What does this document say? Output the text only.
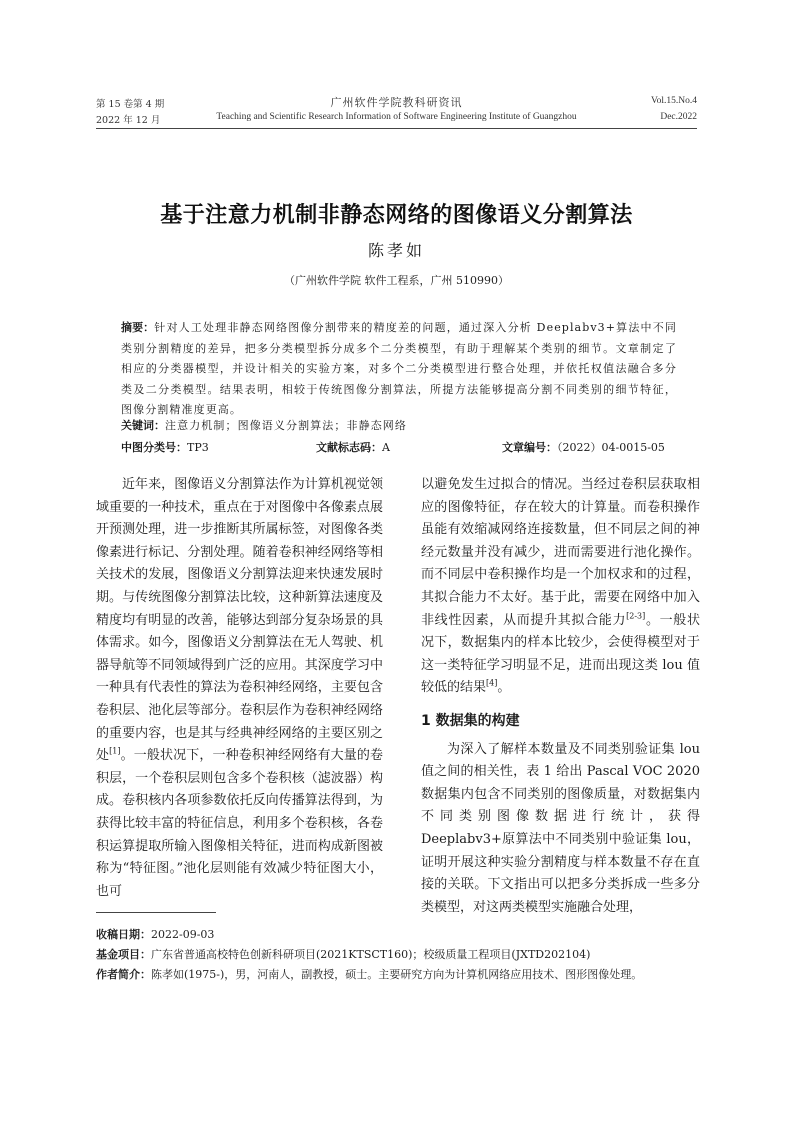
第 15 卷第 4 期
2022 年 12 月
广州软件学院教科研资讯
Teaching and Scientific Research Information of Software Engineering Institute of Guangzhou
Vol.15.No.4
Dec.2022
基于注意力机制非静态网络的图像语义分割算法
陈孝如
（广州软件学院 软件工程系，广州 510990）
摘要：针对人工处理非静态网络图像分割带来的精度差的问题，通过深入分析 Deeplabv3+算法中不同类别分割精度的差异，把多分类模型拆分成多个二分类模型，有助于理解某个类别的细节。文章制定了相应的分类器模型，并设计相关的实验方案，对多个二分类模型进行整合处理，并依托权值法融合多分类及二分类模型。结果表明，相较于传统图像分割算法，所提方法能够提高分割不同类别的细节特征，图像分割精准度更高。
关键词：注意力机制；图像语义分割算法；非静态网络
中图分类号：TP3	文献标志码：A	文章编号：（2022）04-0015-05

近年来，图像语义分割算法作为计算机视觉领域重要的一种技术，重点在于对图像中各像素点展开预测处理，进一步推断其所属标签，对图像各类像素进行标记、分割处理。随着卷积神经网络等相关技术的发展，图像语义分割算法迎来快速发展时期。与传统图像分割算法比较，这种新算法速度及精度均有明显的改善，能够达到部分复杂场景的具体需求。如今，图像语义分割算法在无人驾驶、机器导航等不同领域得到广泛的应用。其深度学习中一种具有代表性的算法为卷积神经网络，主要包含卷积层、池化层等部分。卷积层作为卷积神经网络的重要内容，也是其与经典神经网络的主要区别之处[1]。一般状况下，一种卷积神经网络有大量的卷积层，一个卷积层则包含多个卷积核（滤波器）构成。卷积核内各项参数依托反向传播算法得到，为获得比较丰富的特征信息，利用多个卷积核，各卷积运算提取所输入图像相关特征，进而构成新图被称为“特征图。”池化层则能有效减少特征图大小，也可

以避免发生过拟合的情况。当经过卷积层获取相应的图像特征，存在较大的计算量。而卷积操作虽能有效缩减网络连接数量，但不同层之间的神经元数量并没有减少，进而需要进行池化操作。而不同层中卷积操作均是一个加权求和的过程，其拟合能力不太好。基于此，需要在网络中加入非线性因素，从而提升其拟合能力[2-3]。一般状况下，数据集内的样本比较少，会使得模型对于这一类特征学习明显不足，进而出现这类 lou 值较低的结果[4]。

1 数据集的构建

为深入了解样本数量及不同类别验证集 lou 值之间的相关性，表 1 给出 Pascal VOC 2020 数据集内包含不同类别的图像质量，对数据集内不同类别图像数据进行统计，获得 Deeplabv3+原算法中不同类别中验证集 lou，证明开展这种实验分割精度与样本数量不存在直接的关联。下文指出可以把多分类拆成一些多分类模型，对这两类模型实施融合处理，

收稿日期：2022-09-03
基金项目：广东省普通高校特色创新科研项目(2021KTSCT160)；校级质量工程项目(JXTD202104)
作者简介：陈孝如(1975-)，男，河南人，副教授，硕士。主要研究方向为计算机网络应用技术、图形图像处理。
